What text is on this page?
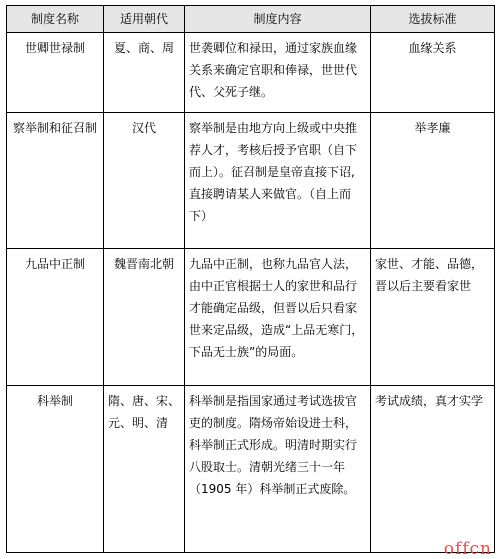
制度名称	适用朝代	制度内容	选拔标准
世卿世禄制	夏、商、周	世袭卿位和禄田，通过家族血缘关系来确定官职和俸禄，世世代代、父死子继。	血缘关系
察举制和征召制	汉代	察举制是由地方向上级或中央推荐人才，考核后授予官职（自下而上）。征召制是皇帝直接下诏,直接聘请某人来做官。（自上而下）	举孝廉
九品中正制	魏晋南北朝	九品中正制，也称九品官人法，由中正官根据士人的家世和品行才能确定品级，但晋以后只看家世来定品级，造成“上品无寒门，下品无士族”的局面。	家世、才能、品德，晋以后主要看家世
科举制	隋、唐、宋、元、明、清	科举制是指国家通过考试选拔官吏的制度。隋炀帝始设进士科，科举制正式形成。明清时期实行八股取士。清朝光绪三十一年（1905 年）科举制正式废除。	考试成绩，真才实学
offcn
